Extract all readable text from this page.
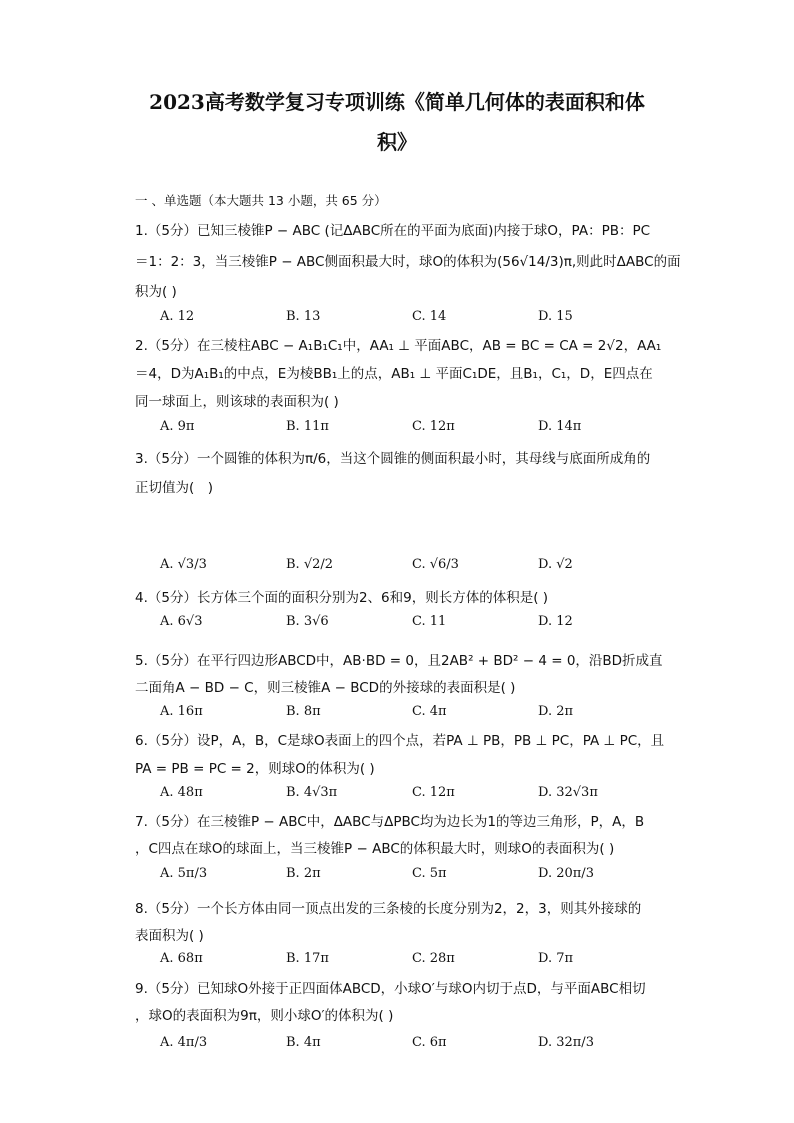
2023高考数学复习专项训练《简单几何体的表面积和体
积》
一 、单选题（本大题共 13 小题，共 65 分）
1.（5分）已知三棱锥P − ABC (记ΔABC所在的平面为底面)内接于球O，PA：PB：PC
＝1：2：3，当三棱锥P − ABC侧面积最大时，球O的体积为(56√14/3)π,则此时ΔABC的面
积为( )
A. 12	B. 13	C. 14	D. 15
2.（5分）在三棱柱ABC − A₁B₁C₁中，AA₁ ⊥ 平面ABC，AB = BC = CA = 2√2，AA₁
＝4，D为A₁B₁的中点，E为棱BB₁上的点，AB₁ ⊥ 平面C₁DE，且B₁，C₁，D，E四点在
同一球面上，则该球的表面积为( )
A. 9π	B. 11π	C. 12π	D. 14π
3.（5分）一个圆锥的体积为π/6，当这个圆锥的侧面积最小时，其母线与底面所成角的
正切值为(　)
A. √3/3	B. √2/2	C. √6/3	D. √2
4.（5分）长方体三个面的面积分别为2、6和9，则长方体的体积是( )
A. 6√3	B. 3√6	C. 11	D. 12
5.（5分）在平行四边形ABCD中，AB·BD = 0，且2AB² + BD² − 4 = 0，沿BD折成直
二面角A − BD − C，则三棱锥A − BCD的外接球的表面积是( )
A. 16π	B. 8π	C. 4π	D. 2π
6.（5分）设P，A，B，C是球O表面上的四个点，若PA ⊥ PB，PB ⊥ PC，PA ⊥ PC，且
PA = PB = PC = 2，则球O的体积为( )
A. 48π	B. 4√3π	C. 12π	D. 32√3π
7.（5分）在三棱锥P − ABC中，ΔABC与ΔPBC均为边长为1的等边三角形，P，A，B
，C四点在球O的球面上，当三棱锥P − ABC的体积最大时，则球O的表面积为( )
A. 5π/3	B. 2π	C. 5π	D. 20π/3
8.（5分）一个长方体由同一顶点出发的三条棱的长度分别为2，2，3，则其外接球的
表面积为( )
A. 68π	B. 17π	C. 28π	D. 7π
9.（5分）已知球O外接于正四面体ABCD，小球O′与球O内切于点D，与平面ABC相切
，球O的表面积为9π，则小球O′的体积为( )
A. 4π/3	B. 4π	C. 6π	D. 32π/3
